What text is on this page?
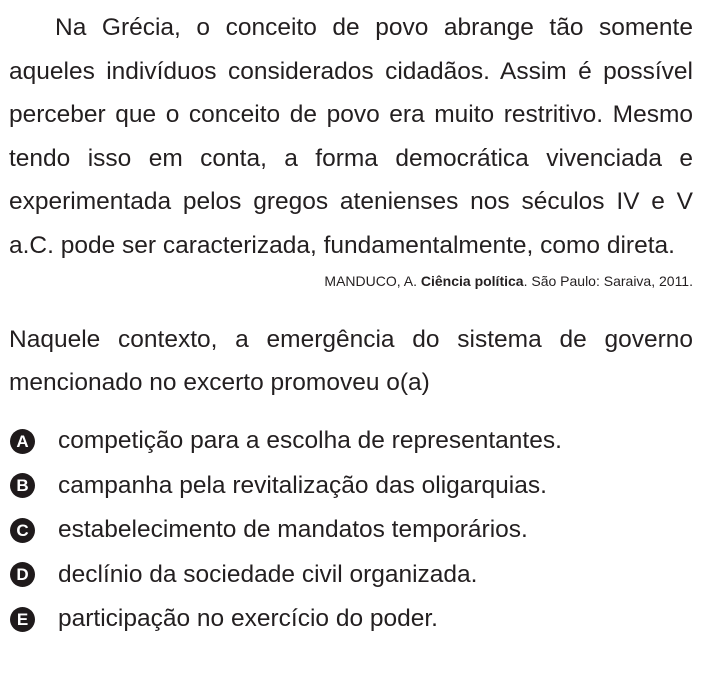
Na Grécia, o conceito de povo abrange tão somente aqueles indivíduos considerados cidadãos. Assim é possível perceber que o conceito de povo era muito restritivo. Mesmo tendo isso em conta, a forma democrática vivenciada e experimentada pelos gregos atenienses nos séculos IV e V a.C. pode ser caracterizada, fundamentalmente, como direta.

MANDUCO, A. Ciência política. São Paulo: Saraiva, 2011.

Naquele contexto, a emergência do sistema de governo mencionado no excerto promoveu o(a)

A competição para a escolha de representantes.
B campanha pela revitalização das oligarquias.
C estabelecimento de mandatos temporários.
D declínio da sociedade civil organizada.
E participação no exercício do poder.
